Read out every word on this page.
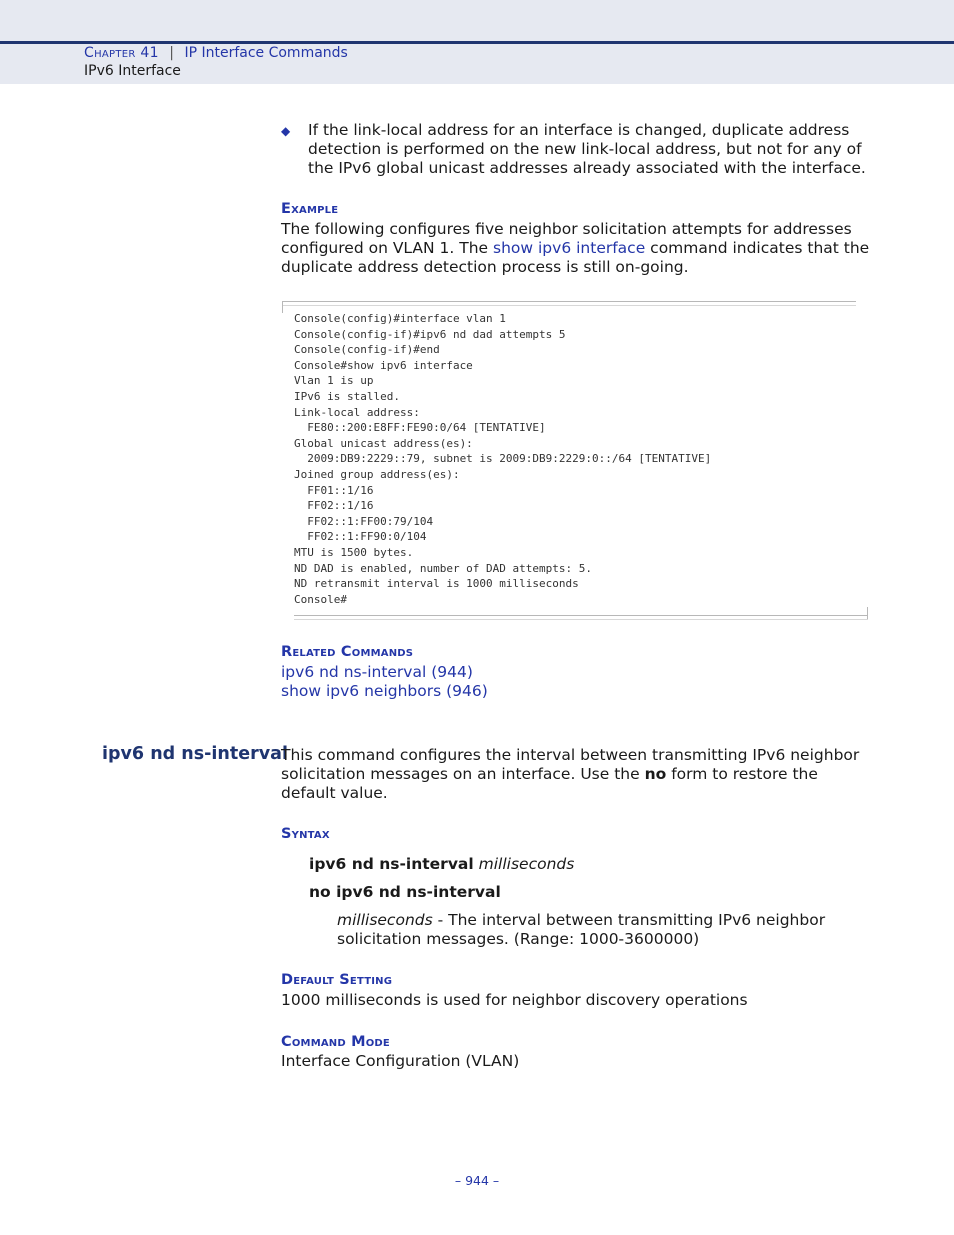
Chapter 41 | IP Interface Commands
IPv6 Interface
◆ If the link-local address for an interface is changed, duplicate address detection is performed on the new link-local address, but not for any of the IPv6 global unicast addresses already associated with the interface.
Example
The following configures five neighbor solicitation attempts for addresses configured on VLAN 1. The show ipv6 interface command indicates that the duplicate address detection process is still on-going.
Console(config)#interface vlan 1
Console(config-if)#ipv6 nd dad attempts 5
Console(config-if)#end
Console#show ipv6 interface
Vlan 1 is up
IPv6 is stalled.
Link-local address:
FE80::200:E8FF:FE90:0/64 [TENTATIVE]
Global unicast address(es):
2009:DB9:2229::79, subnet is 2009:DB9:2229:0::/64 [TENTATIVE]
Joined group address(es):
FF01::1/16
FF02::1/16
FF02::1:FF00:79/104
FF02::1:FF90:0/104
MTU is 1500 bytes.
ND DAD is enabled, number of DAD attempts: 5.
ND retransmit interval is 1000 milliseconds
Console#
Related Commands
ipv6 nd ns-interval (944)
show ipv6 neighbors (946)
ipv6 nd ns-interval
This command configures the interval between transmitting IPv6 neighbor solicitation messages on an interface. Use the no form to restore the default value.
Syntax
ipv6 nd ns-interval milliseconds
no ipv6 nd ns-interval
milliseconds - The interval between transmitting IPv6 neighbor solicitation messages. (Range: 1000-3600000)
Default Setting
1000 milliseconds is used for neighbor discovery operations
Command Mode
Interface Configuration (VLAN)
– 944 –
